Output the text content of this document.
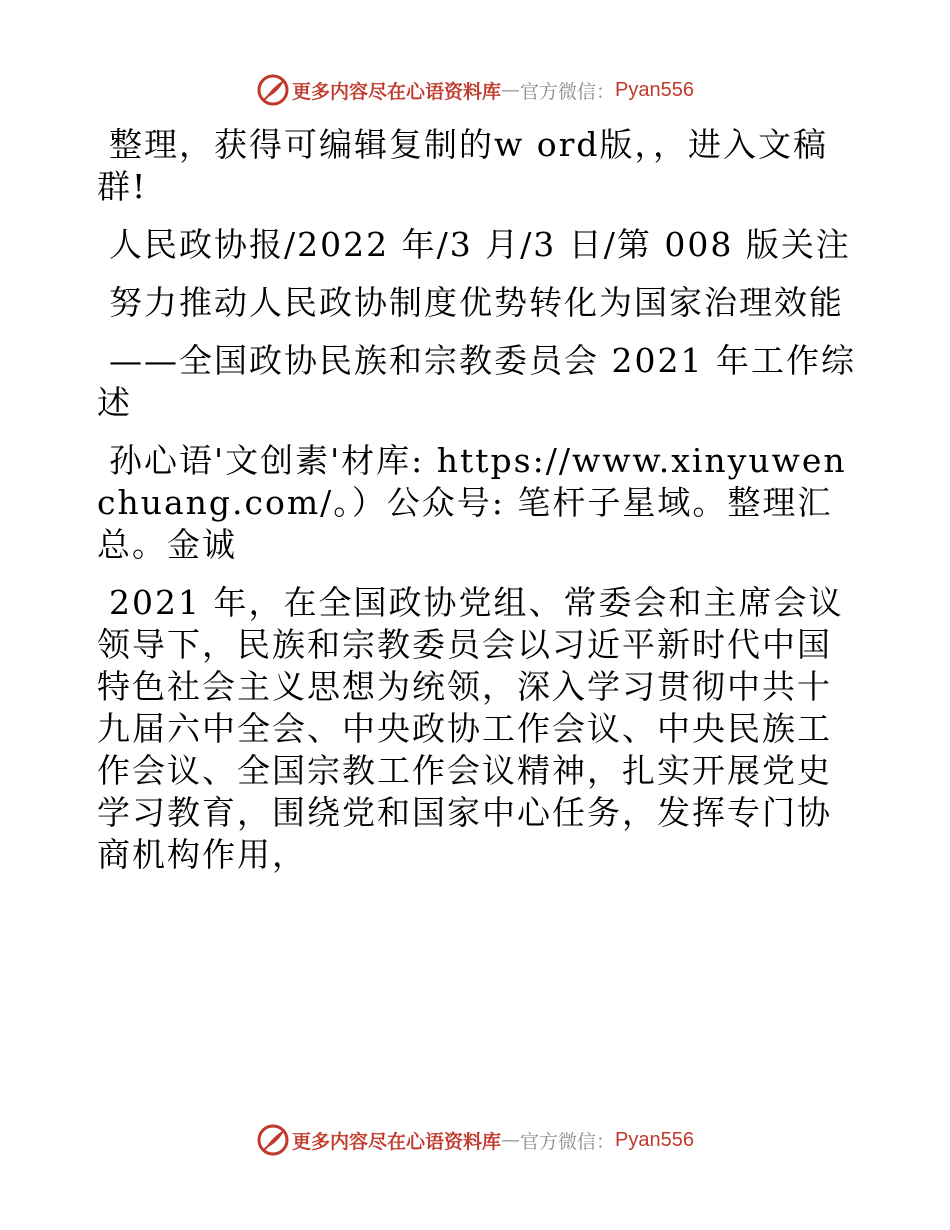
更多内容尽在心语资料库 — 官方微信： Pyan556

整理，获得可编辑复制的w ord版，，进入文稿群!

人民政协报/2022 年/3 月/3 日/第 008 版关注

努力推动人民政协制度优势转化为国家治理效能

——全国政协民族和宗教委员会 2021 年工作综述

孙心语'文创素'材库: https://www.xinyuwenchuang.com/。）公众号: 笔杆子星域。整理汇总。金诚

2021 年，在全国政协党组、常委会和主席会议领导下，民族和宗教委员会以习近平新时代中国特色社会主义思想为统领，深入学习贯彻中共十九届六中全会、中央政协工作会议、中央民族工作会议、全国宗教工作会议精神，扎实开展党史学习教育，围绕党和国家中心任务，发挥专门协商机构作用，

更多内容尽在心语资料库 — 官方微信： Pyan556
